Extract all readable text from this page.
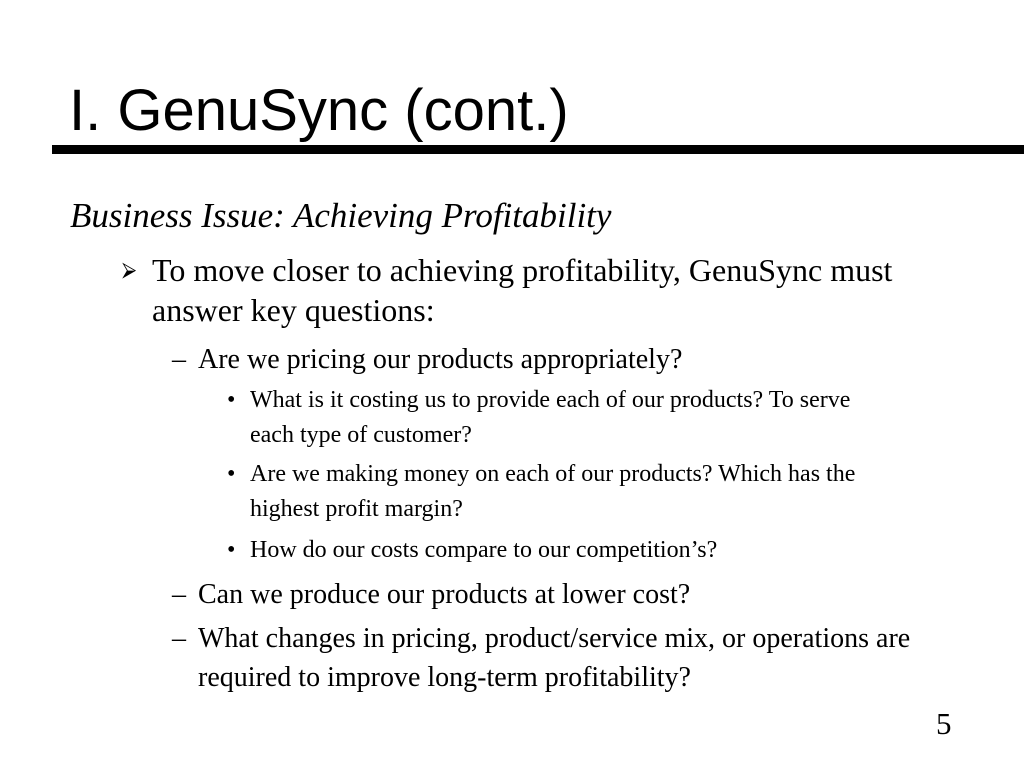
I. GenuSync (cont.)
Business Issue: Achieving Profitability
⮚ To move closer to achieving profitability, GenuSync must answer key questions:
– Are we pricing our products appropriately?
• What is it costing us to provide each of our products? To serve each type of customer?
• Are we making money on each of our products? Which has the highest profit margin?
• How do our costs compare to our competition’s?
– Can we produce our products at lower cost?
– What changes in pricing, product/service mix, or operations are required to improve long-term profitability?
5
